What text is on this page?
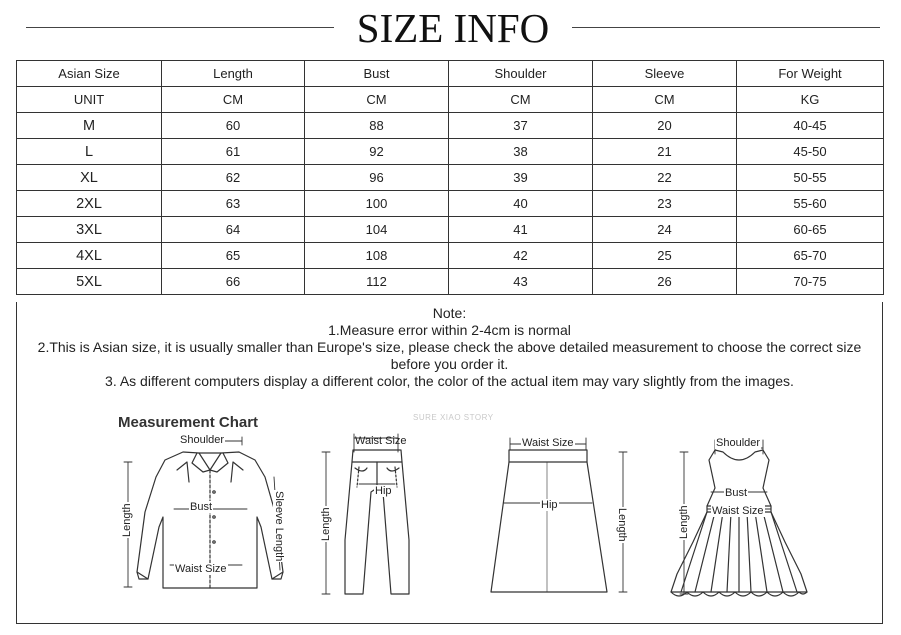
SIZE INFO
Asian Size	Length	Bust	Shoulder	Sleeve	For Weight
UNIT	CM	CM	CM	CM	KG
M	60	88	37	20	40-45
L	61	92	38	21	45-50
XL	62	96	39	22	50-55
2XL	63	100	40	23	55-60
3XL	64	104	41	24	60-65
4XL	65	108	42	25	65-70
5XL	66	112	43	26	70-75
Note:
1.Measure error within 2-4cm is normal
2.This is Asian size, it is usually smaller than Europe's size, please check the above detailed measurement to choose the correct size
before you order it.
3. As different computers display a different color, the color of the actual item may vary slightly from the images.
Measurement Chart	SURE XIAO STORY
Shoulder
Bust
Waist Size
Length	Sleeve Length
Waist Size
Hip
Length
Waist Size
Hip
Length
Shoulder
Bust
Waist Size
Length
